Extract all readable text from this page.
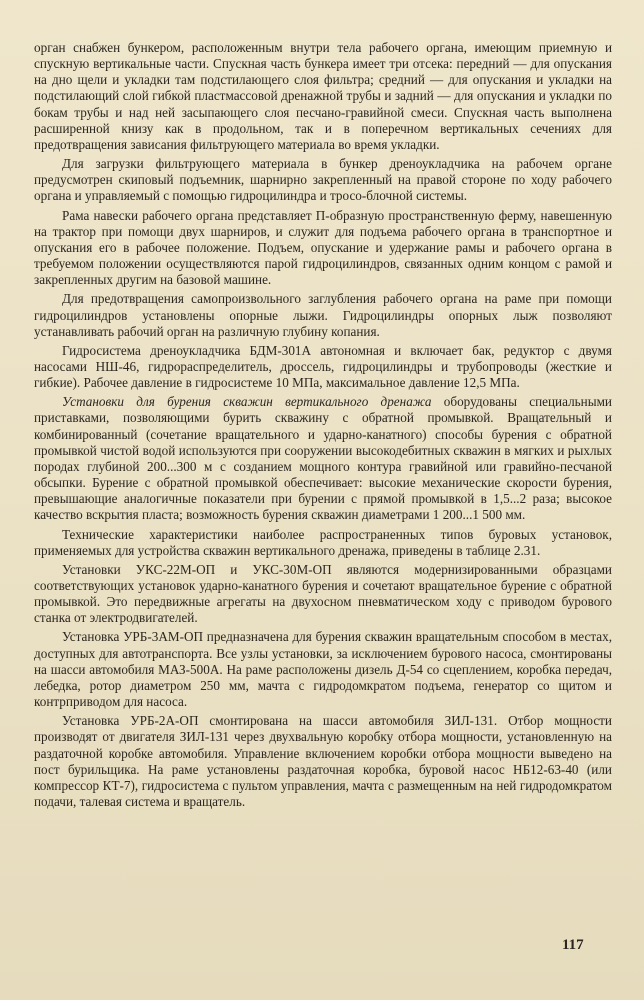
орган снабжен бункером, расположенным внутри тела рабочего органа, имеющим приемную и спускную вертикальные части. Спускная часть бункера имеет три отсека: передний — для опускания на дно щели и укладки там подстилающего слоя фильтра; средний — для опускания и укладки на подстилающий слой гибкой пластмассовой дренажной трубы и задний — для опускания и укладки по бокам трубы и над ней засыпающего слоя песчано-гравийной смеси. Спускная часть выполнена расширенной книзу как в продольном, так и в поперечном вертикальных сечениях для предотвращения зависания фильтрующего материала во время укладки.

Для загрузки фильтрующего материала в бункер дреноукладчика на рабочем органе предусмотрен скиповый подъемник, шарнирно закрепленный на правой стороне по ходу рабочего органа и управляемый с помощью гидроцилиндра и тросо-блочной системы.

Рама навески рабочего органа представляет П-образную пространственную ферму, навешенную на трактор при помощи двух шарниров, и служит для подъема рабочего органа в транспортное и опускания его в рабочее положение. Подъем, опускание и удержание рамы и рабочего органа в требуемом положении осуществляются парой гидроцилиндров, связанных одним концом с рамой и закрепленных другим на базовой машине.

Для предотвращения самопроизвольного заглубления рабочего органа на раме при помощи гидроцилиндров установлены опорные лыжи. Гидроцилиндры опорных лыж позволяют устанавливать рабочий орган на различную глубину копания.

Гидросистема дреноукладчика БДМ-301А автономная и включает бак, редуктор с двумя насосами НШ-46, гидрораспределитель, дроссель, гидроцилиндры и трубопроводы (жесткие и гибкие). Рабочее давление в гидросистеме 10 МПа, максимальное давление 12,5 МПа.

Установки для бурения скважин вертикального дренажа оборудованы специальными приставками, позволяющими бурить скважину с обратной промывкой. Вращательный и комбинированный (сочетание вращательного и ударно-канатного) способы бурения с обратной промывкой чистой водой используются при сооружении высокодебитных скважин в мягких и рыхлых породах глубиной 200...300 м с созданием мощного контура гравийной или гравийно-песчаной обсыпки. Бурение с обратной промывкой обеспечивает: высокие механические скорости бурения, превышающие аналогичные показатели при бурении с прямой промывкой в 1,5...2 раза; высокое качество вскрытия пласта; возможность бурения скважин диаметрами 1 200...1 500 мм.

Технические характеристики наиболее распространенных типов буровых установок, применяемых для устройства скважин вертикального дренажа, приведены в таблице 2.31.

Установки УКС-22М-ОП и УКС-30М-ОП являются модернизированными образцами соответствующих установок ударно-канатного бурения и сочетают вращательное бурение с обратной промывкой. Это передвижные агрегаты на двухосном пневматическом ходу с приводом бурового станка от электродвигателей.

Установка УРБ-3АМ-ОП предназначена для бурения скважин вращательным способом в местах, доступных для автотранспорта. Все узлы установки, за исключением бурового насоса, смонтированы на шасси автомобиля МАЗ-500А. На раме расположены дизель Д-54 со сцеплением, коробка передач, лебедка, ротор диаметром 250 мм, мачта с гидродомкратом подъема, генератор со щитом и контрприводом для насоса.

Установка УРБ-2А-ОП смонтирована на шасси автомобиля ЗИЛ-131. Отбор мощности производят от двигателя ЗИЛ-131 через двухвальную коробку отбора мощности, установленную на раздаточной коробке автомобиля. Управление включением коробки отбора мощности выведено на пост бурильщика. На раме установлены раздаточная коробка, буровой насос НБ12-63-40 (или компрессор КТ-7), гидросистема с пультом управления, мачта с размещенным на ней гидродомкратом подачи, талевая система и вращатель.

117
